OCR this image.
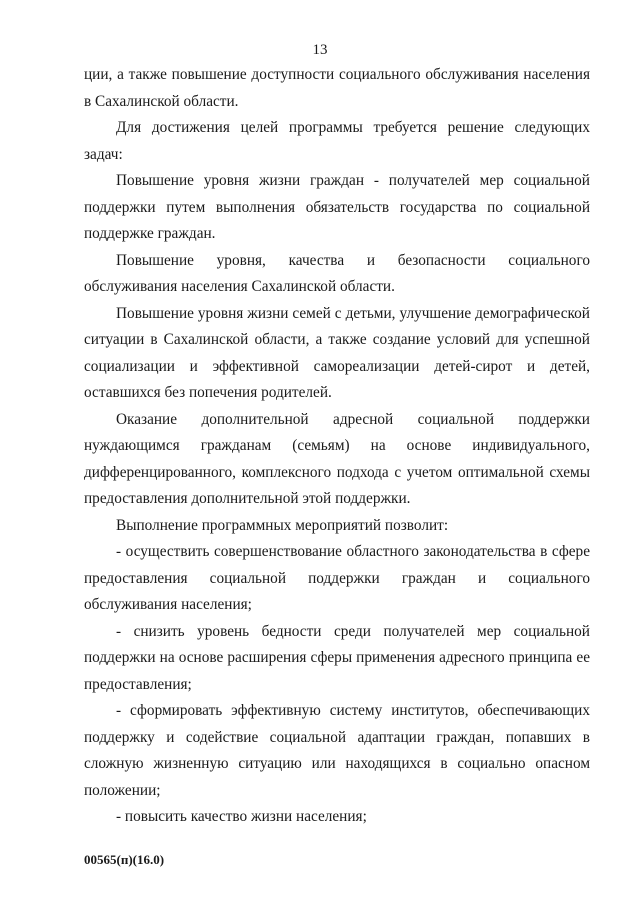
13

ции, а также повышение доступности социального обслуживания населения в Сахалинской области.

Для достижения целей программы требуется решение следующих задач:

Повышение уровня жизни граждан - получателей мер социальной поддержки путем выполнения обязательств государства по социальной поддержке граждан.

Повышение уровня, качества и безопасности социального обслуживания населения Сахалинской области.

Повышение уровня жизни семей с детьми, улучшение демографической ситуации в Сахалинской области, а также создание условий для успешной социализации и эффективной самореализации детей-сирот и детей, оставшихся без попечения родителей.

Оказание дополнительной адресной социальной поддержки нуждающимся гражданам (семьям) на основе индивидуального, дифференцированного, комплексного подхода с учетом оптимальной схемы предоставления дополнительной этой поддержки.

Выполнение программных мероприятий позволит:

- осуществить совершенствование областного законодательства в сфере предоставления социальной поддержки граждан и социального обслуживания населения;

- снизить уровень бедности среди получателей мер социальной поддержки на основе расширения сферы применения адресного принципа ее предоставления;

- сформировать эффективную систему институтов, обеспечивающих поддержку и содействие социальной адаптации граждан, попавших в сложную жизненную ситуацию или находящихся в социально опасном положении;

- повысить качество жизни населения;

00565(п)(16.0)
